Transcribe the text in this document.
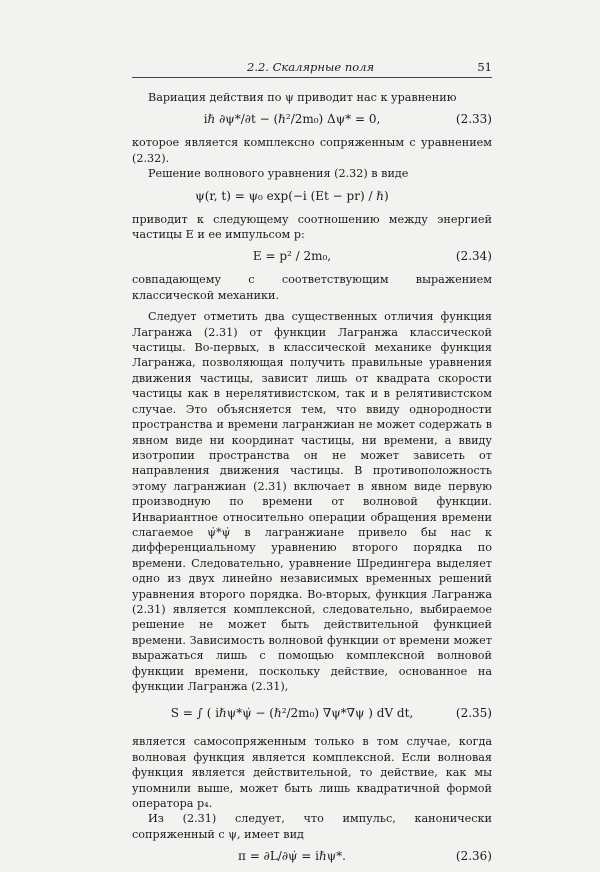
2.2. Скалярные поля	51

Вариация действия по ψ приводит нас к уравнению

iℏ ∂ψ*/∂t − (ℏ²/2m₀) Δψ* = 0,	(2.33)

которое является комплексно сопряженным с уравнением (2.32).

Решение волнового уравнения (2.32) в виде

ψ(r, t) = ψ₀ exp(−i (Et − pr) / ℏ)

приводит к следующему соотношению между энергией частицы E и ее импульсом p:

E = p² / 2m₀,	(2.34)

совпадающему с соответствующим выражением классической механики.

Следует отметить два существенных отличия функция Лагранжа (2.31) от функции Лагранжа классической частицы. Во-первых, в классической механике функция Лагранжа, позволяющая получить правильные уравнения движения частицы, зависит лишь от квадрата скорости частицы как в нерелятивистском, так и в релятивистском случае. Это объясняется тем, что ввиду однородности пространства и времени лагранжиан не может содержать в явном виде ни координат частицы, ни времени, а ввиду изотропии пространства он не может зависеть от направления движения частицы. В противоположность этому лагранжиан (2.31) включает в явном виде первую производную по времени от волновой функции. Инвариантное относительно операции обращения времени слагаемое ψ̇*ψ̇ в лагранжиане привело бы нас к дифференциальному уравнению второго порядка по времени. Следовательно, уравнение Шредингера выделяет одно из двух линейно независимых временных решений уравнения второго порядка. Во-вторых, функция Лагранжа (2.31) является комплексной, следовательно, выбираемое решение не может быть действительной функцией времени. Зависимость волновой функции от времени может выражаться лишь с помощью комплексной волновой функции времени, поскольку действие, основанное на функции Лагранжа (2.31),

S = ∫ ( iℏψ*ψ̇ − (ℏ²/2m₀) ∇ψ*∇ψ ) dV dt,	(2.35)

является самосопряженным только в том случае, когда волновая функция является комплексной. Если волновая функция является действительной, то действие, как мы упомнили выше, может быть лишь квадратичной формой оператора p₄.

Из (2.31) следует, что импульс, канонически сопряженный с ψ, имеет вид

π = ∂L/∂ψ̇ = iℏψ*.	(2.36)
